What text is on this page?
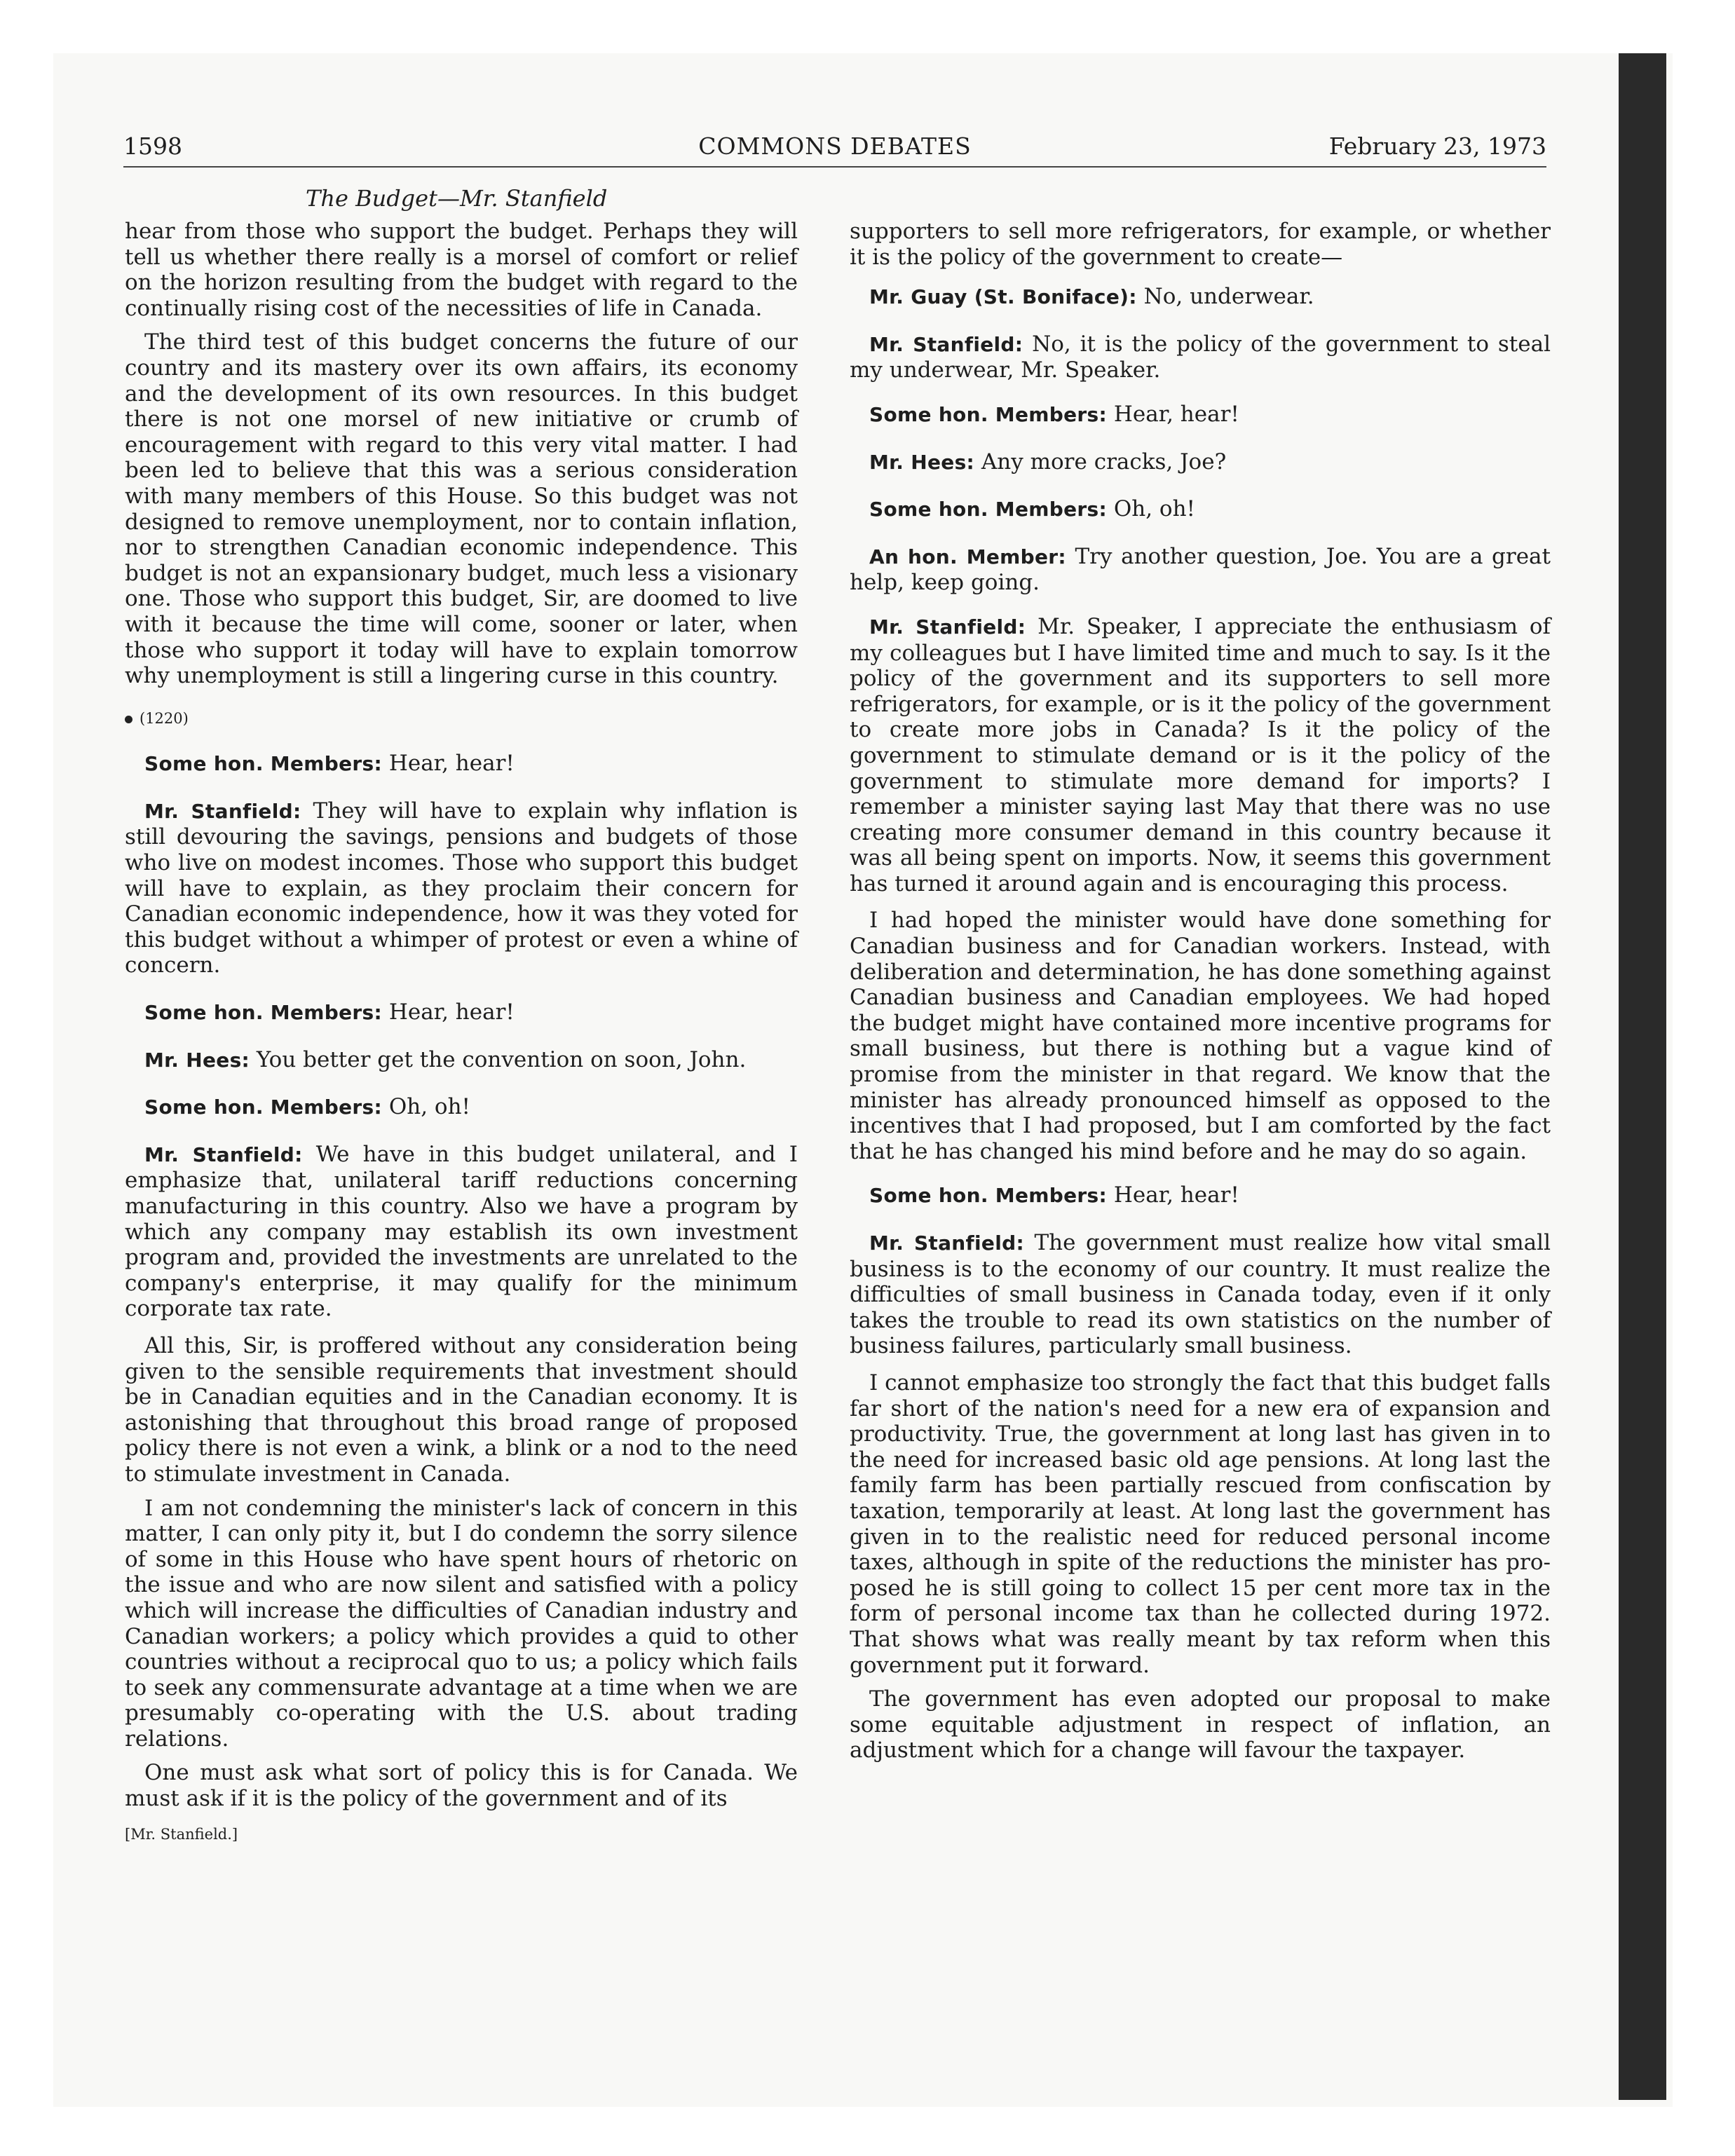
1598	COMMONS DEBATES	February 23, 1973
The Budget—Mr. Stanfield

hear from those who support the budget. Perhaps they will tell us whether there really is a morsel of comfort or relief on the horizon resulting from the budget with regard to the continually rising cost of the necessities of life in Canada.

The third test of this budget concerns the future of our country and its mastery over its own affairs, its economy and the development of its own resources. In this budget there is not one morsel of new initiative or crumb of encouragement with regard to this very vital matter. I had been led to believe that this was a serious consideration with many members of this House. So this budget was not designed to remove unemployment, nor to contain inflation, nor to strengthen Canadian economic independence. This budget is not an expansionary budget, much less a visionary one. Those who support this budget, Sir, are doomed to live with it because the time will come, sooner or later, when those who support it today will have to explain tomorrow why unemployment is still a lingering curse in this country.

(1220)

Some hon. Members: Hear, hear!

Mr. Stanfield: They will have to explain why inflation is still devouring the savings, pensions and budgets of those who live on modest incomes. Those who support this budget will have to explain, as they proclaim their concern for Canadian economic independence, how it was they voted for this budget without a whimper of protest or even a whine of concern.

Some hon. Members: Hear, hear!

Mr. Hees: You better get the convention on soon, John.

Some hon. Members: Oh, oh!

Mr. Stanfield: We have in this budget unilateral, and I emphasize that, unilateral tariff reductions concerning manufacturing in this country. Also we have a program by which any company may establish its own investment program and, provided the investments are unrelated to the company's enterprise, it may qualify for the minimum corporate tax rate.

All this, Sir, is proffered without any consideration being given to the sensible requirements that investment should be in Canadian equities and in the Canadian economy. It is astonishing that throughout this broad range of proposed policy there is not even a wink, a blink or a nod to the need to stimulate investment in Canada.

I am not condemning the minister's lack of concern in this matter, I can only pity it, but I do condemn the sorry silence of some in this House who have spent hours of rhetoric on the issue and who are now silent and satisfied with a policy which will increase the difficulties of Canadian industry and Canadian workers; a policy which provides a quid to other countries without a reciprocal quo to us; a policy which fails to seek any commensurate advantage at a time when we are presumably co-operating with the U.S. about trading relations.

One must ask what sort of policy this is for Canada. We must ask if it is the policy of the government and of its

[Mr. Stanfield.]

supporters to sell more refrigerators, for example, or whether it is the policy of the government to create—

Mr. Guay (St. Boniface): No, underwear.

Mr. Stanfield: No, it is the policy of the government to steal my underwear, Mr. Speaker.

Some hon. Members: Hear, hear!

Mr. Hees: Any more cracks, Joe?

Some hon. Members: Oh, oh!

An hon. Member: Try another question, Joe. You are a great help, keep going.

Mr. Stanfield: Mr. Speaker, I appreciate the enthusiasm of my colleagues but I have limited time and much to say. Is it the policy of the government and its supporters to sell more refrigerators, for example, or is it the policy of the government to create more jobs in Canada? Is it the policy of the government to stimulate demand or is it the policy of the government to stimulate more demand for imports? I remember a minister saying last May that there was no use creating more consumer demand in this country because it was all being spent on imports. Now, it seems this government has turned it around again and is encouraging this process.

I had hoped the minister would have done something for Canadian business and for Canadian workers. Instead, with deliberation and determination, he has done something against Canadian business and Canadian employees. We had hoped the budget might have contained more incentive programs for small business, but there is nothing but a vague kind of promise from the minister in that regard. We know that the minister has already pronounced himself as opposed to the incentives that I had proposed, but I am comforted by the fact that he has changed his mind before and he may do so again.

Some hon. Members: Hear, hear!

Mr. Stanfield: The government must realize how vital small business is to the economy of our country. It must realize the difficulties of small business in Canada today, even if it only takes the trouble to read its own statistics on the number of business failures, particularly small business.

I cannot emphasize too strongly the fact that this budget falls far short of the nation's need for a new era of expansion and productivity. True, the government at long last has given in to the need for increased basic old age pensions. At long last the family farm has been partially rescued from confiscation by taxation, temporarily at least. At long last the government has given in to the realistic need for reduced personal income taxes, although in spite of the reductions the minister has proposed he is still going to collect 15 per cent more tax in the form of personal income tax than he collected during 1972. That shows what was really meant by tax reform when this government put it forward.

The government has even adopted our proposal to make some equitable adjustment in respect of inflation, an adjustment which for a change will favour the taxpayer.
